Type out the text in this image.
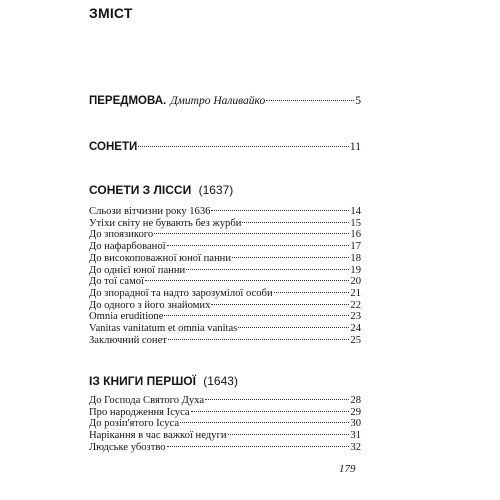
ЗМІСТ
ПЕРЕДМОВА. Дмитро Наливайко	5
СОНЕТИ	11
СОНЕТИ З ЛІССИ (1637)
Сльози вітчизни року 1636	14
Утіхи світу не бувають без журби	15
До зпоязикого	16
До нафарбованої	17
До високоповажної юної панни	18
До однієї юної панни	19
До тої самої	20
До зпорадної та надто зарозумілої особи	21
До одного з його знайомих	22
Omnia eruditione	23
Vanitas vanitatum et omnia vanitas	24
Заключний сонет	25
ІЗ КНИГИ ПЕРШОЇ (1643)
До Господа Святого Духа	28
Про народження Ісуса	29
До розіп'ятого Ісуса	30
Нарікання в час важкої недуги	31
Людське убозтво	32
179
